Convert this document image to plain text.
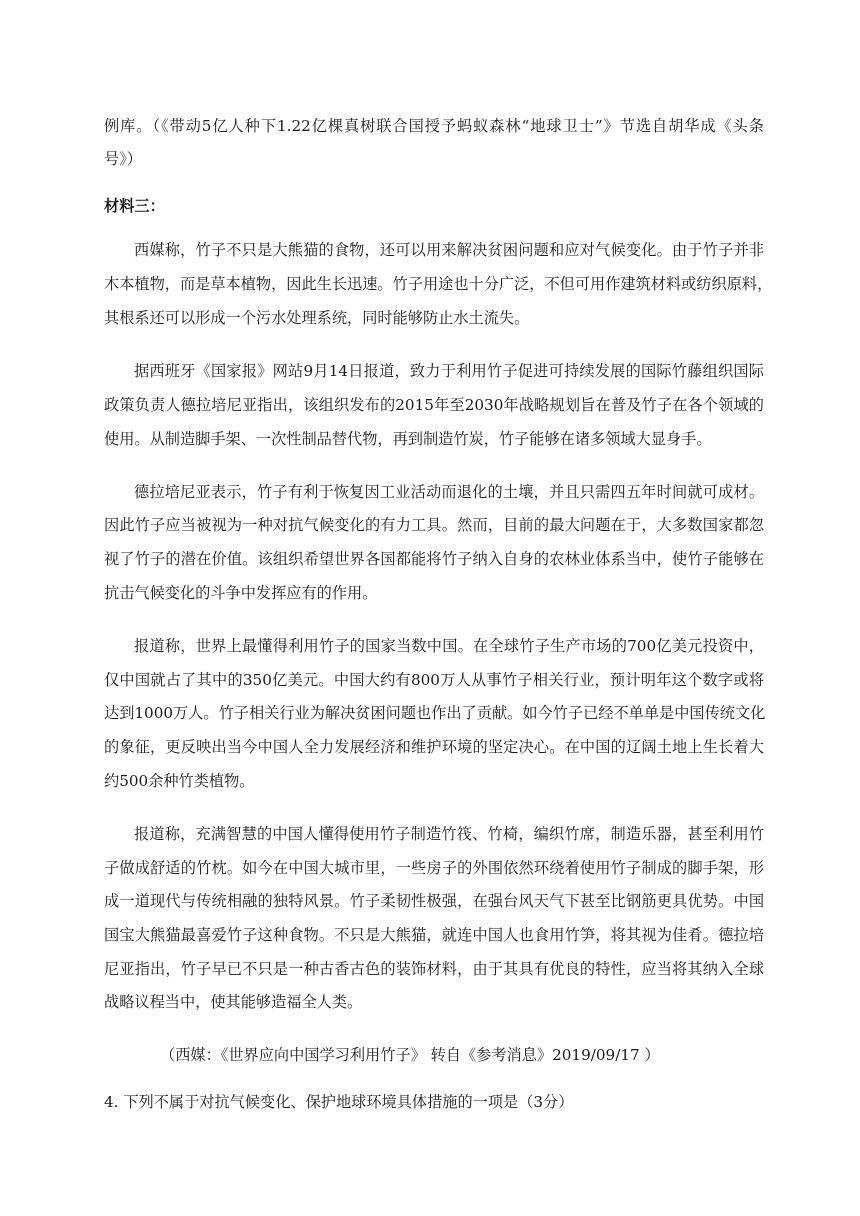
例库。（《带动5亿人种下1.22亿棵真树联合国授予蚂蚁森林“地球卫士”》节选自胡华成《头条
号》）
材料三：
西媒称，竹子不只是大熊猫的食物，还可以用来解决贫困问题和应对气候变化。由于竹子并非
木本植物，而是草本植物，因此生长迅速。竹子用途也十分广泛，不但可用作建筑材料或纺织原料，
其根系还可以形成一个污水处理系统，同时能够防止水土流失。
据西班牙《国家报》网站9月14日报道，致力于利用竹子促进可持续发展的国际竹藤组织国际
政策负责人德拉培尼亚指出，该组织发布的2015年至2030年战略规划旨在普及竹子在各个领域的
使用。从制造脚手架、一次性制品替代物，再到制造竹炭，竹子能够在诸多领域大显身手。
德拉培尼亚表示，竹子有利于恢复因工业活动而退化的土壤，并且只需四五年时间就可成材。
因此竹子应当被视为一种对抗气候变化的有力工具。然而，目前的最大问题在于，大多数国家都忽
视了竹子的潜在价值。该组织希望世界各国都能将竹子纳入自身的农林业体系当中，使竹子能够在
抗击气候变化的斗争中发挥应有的作用。
报道称，世界上最懂得利用竹子的国家当数中国。在全球竹子生产市场的700亿美元投资中，
仅中国就占了其中的350亿美元。中国大约有800万人从事竹子相关行业，预计明年这个数字或将
达到1000万人。竹子相关行业为解决贫困问题也作出了贡献。如今竹子已经不单单是中国传统文化
的象征，更反映出当今中国人全力发展经济和维护环境的坚定决心。在中国的辽阔土地上生长着大
约500余种竹类植物。
报道称，充满智慧的中国人懂得使用竹子制造竹筏、竹椅，编织竹席，制造乐器，甚至利用竹
子做成舒适的竹枕。如今在中国大城市里，一些房子的外围依然环绕着使用竹子制成的脚手架，形
成一道现代与传统相融的独特风景。竹子柔韧性极强，在强台风天气下甚至比钢筋更具优势。中国
国宝大熊猫最喜爱竹子这种食物。不只是大熊猫，就连中国人也食用竹笋，将其视为佳肴。德拉培
尼亚指出，竹子早已不只是一种古香古色的装饰材料，由于其具有优良的特性，应当将其纳入全球
战略议程当中，使其能够造福全人类。
（西媒：《世界应向中国学习利用竹子》 转自《参考消息》2019/09/17 ）
4. 下列不属于对抗气候变化、保护地球环境具体措施的一项是（3分）
